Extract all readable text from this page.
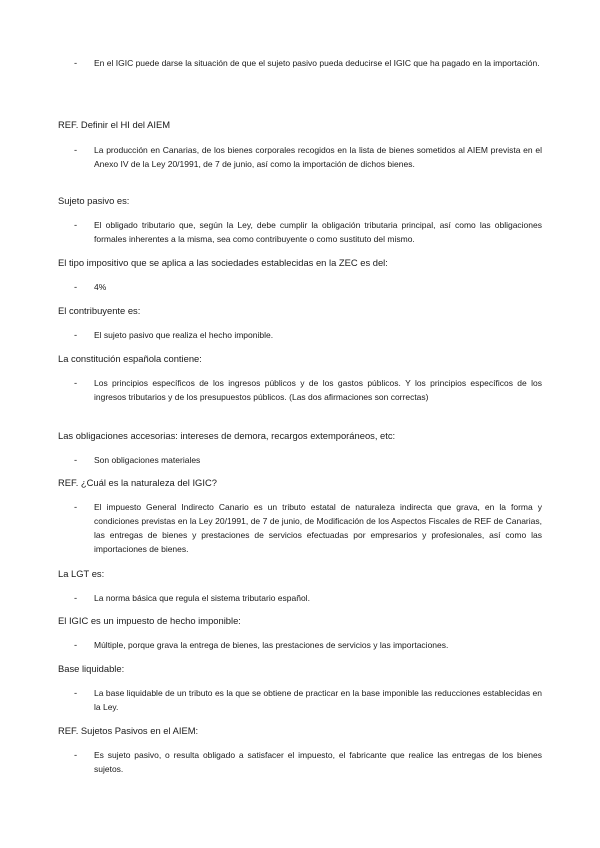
- En el IGIC puede darse la situación de que el sujeto pasivo pueda deducirse el IGIC que ha pagado en la importación.
REF. Definir el HI del AIEM
- La producción en Canarias, de los bienes corporales recogidos en la lista de bienes sometidos al AIEM prevista en el Anexo IV de la Ley 20/1991, de 7 de junio, así como la importación de dichos bienes.
Sujeto pasivo es:
- El obligado tributario que, según la Ley, debe cumplir la obligación tributaria principal, así como las obligaciones formales inherentes a la misma, sea como contribuyente o como sustituto del mismo.
El tipo impositivo que se aplica a las sociedades establecidas en la ZEC es del:
- 4%
El contribuyente es:
- El sujeto pasivo que realiza el hecho imponible.
La constitución española contiene:
- Los principios específicos de los ingresos públicos y de los gastos públicos. Y los principios específicos de los ingresos tributarios y de los presupuestos públicos. (Las dos afirmaciones son correctas)
Las obligaciones accesorias: intereses de demora, recargos extemporáneos, etc:
- Son obligaciones materiales
REF. ¿Cuál es la naturaleza del IGIC?
- El impuesto General Indirecto Canario es un tributo estatal de naturaleza indirecta que grava, en la forma y condiciones previstas en la Ley 20/1991, de 7 de junio, de Modificación de los Aspectos Fiscales de REF de Canarias, las entregas de bienes y prestaciones de servicios efectuadas por empresarios y profesionales, así como las importaciones de bienes.
La LGT es:
- La norma básica que regula el sistema tributario español.
El IGIC es un impuesto de hecho imponible:
- Múltiple, porque grava la entrega de bienes, las prestaciones de servicios y las importaciones.
Base liquidable:
- La base liquidable de un tributo es la que se obtiene de practicar en la base imponible las reducciones establecidas en la Ley.
REF. Sujetos Pasivos en el AIEM:
- Es sujeto pasivo, o resulta obligado a satisfacer el impuesto, el fabricante que realice las entregas de los bienes sujetos.
